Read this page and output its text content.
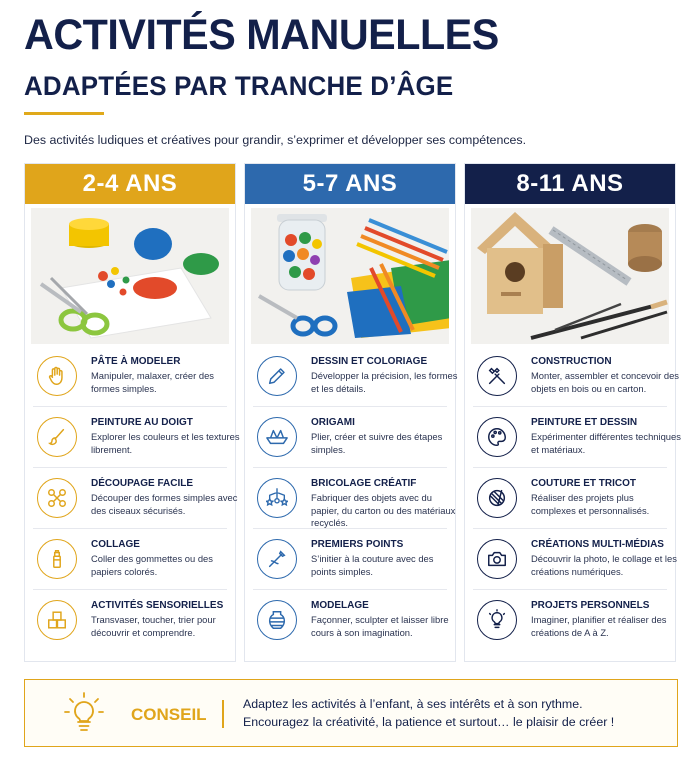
ACTIVITÉS MANUELLES
ADAPTÉES PAR TRANCHE D’ÂGE
Des activités ludiques et créatives pour grandir, s’exprimer et développer ses compétences.
2-4 ANS
PÂTE À MODELER
Manipuler, malaxer, créer des formes simples.
PEINTURE AU DOIGT
Explorer les couleurs et les textures librement.
DÉCOUPAGE FACILE
Découper des formes simples avec des ciseaux sécurisés.
COLLAGE
Coller des gommettes ou des papiers colorés.
ACTIVITÉS SENSORIELLES
Transvaser, toucher, trier pour découvrir et comprendre.
5-7 ANS
DESSIN ET COLORIAGE
Développer la précision, les formes et les détails.
ORIGAMI
Plier, créer et suivre des étapes simples.
BRICOLAGE CRÉATIF
Fabriquer des objets avec du papier, du carton ou des matériaux recyclés.
PREMIERS POINTS
S’initier à la couture avec des points simples.
MODELAGE
Façonner, sculpter et laisser libre cours à son imagination.
8-11 ANS
CONSTRUCTION
Monter, assembler et concevoir des objets en bois ou en carton.
PEINTURE ET DESSIN
Expérimenter différentes techniques et matériaux.
COUTURE ET TRICOT
Réaliser des projets plus complexes et personnalisés.
CRÉATIONS MULTI-MÉDIAS
Découvrir la photo, le collage et les créations numériques.
PROJETS PERSONNELS
Imaginer, planifier et réaliser des créations de A à Z.
CONSEIL
Adaptez les activités à l’enfant, à ses intérêts et à son rythme.
Encouragez la créativité, la patience et surtout… le plaisir de créer !
